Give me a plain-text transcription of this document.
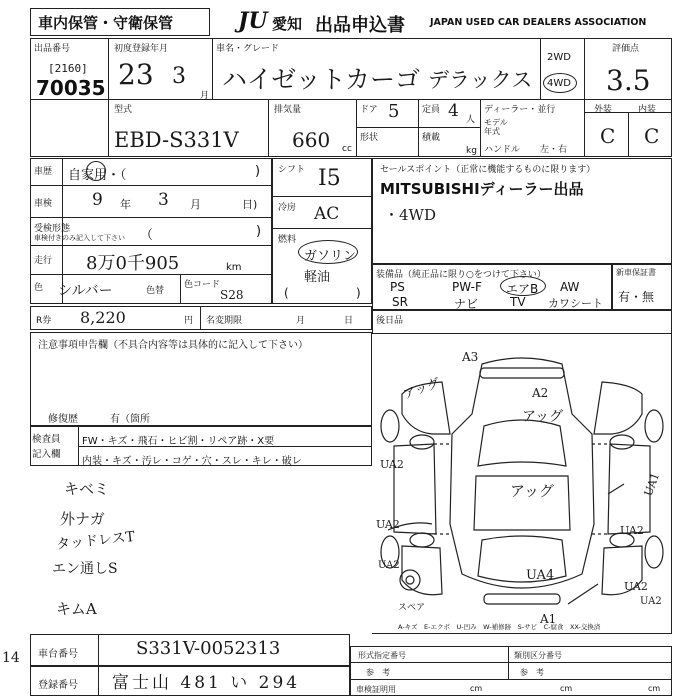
車内保管・守衛保管	JU 愛知 出品申込書	JAPAN USED CAR DEALERS ASSOCIATION
出品番号
[2160]
70035
初度登録年月
23 3
月
車名・グレード
ハイゼットカーゴ デラックス
2WD
4WD
評価点
3.5
型式
EBD-S331V
排気量
660 cc
ドア 5	定員 4 人
形状	積載
kg
ディーラー・並行
モデル
年式
ハンドル 左・右
外装	内装
C C
車歴 自家用・（	)
車検 9 年 3 月	日)
受検形態
車検付きのみ記入して下さい （	)
走行 8万0千905	km
色 シルバー	色替
色コード
S28
シフト I5
冷房 AC
燃料
ガソリン
軽油
(	)
R券 8,220	円 名変期限	月	日
セールスポイント（正常に機能するものに限ります）
MITSUBISHIディーラー出品
・4WD
装備品（純正品に限り○をつけて下さい）
PS	PW-F エアB AW
SR	ナビ	TV カワシート
新車保証書
有・無
後日品
注意事項申告欄（不具合内容等は具体的に記入して下さい）
修復歴	有（箇所
検査員
記入欄
FW・キズ・飛石・ヒビ割・リペア跡・X要
内装・キズ・汚レ・コゲ・穴・スレ・キレ・破レ
キベミ
外ナガ
タッドレスT
エン通しS
キムA
A3
アッグ	A2
アッグ
UA2
UA2
アッグ	UA1
UA2
UA2
UA4
A1
UA2
UA2
スペア
A-キズ　E-エクボ　U-凹み　W-補修跡　S-サビ　C-腐食　XX-交換済
車台番号	S331V-0052313
登録番号 富士山 481 い 294
14	形式指定番号	類別区分番号
参　考	参　考
車検証明用	cm	cm	cm
